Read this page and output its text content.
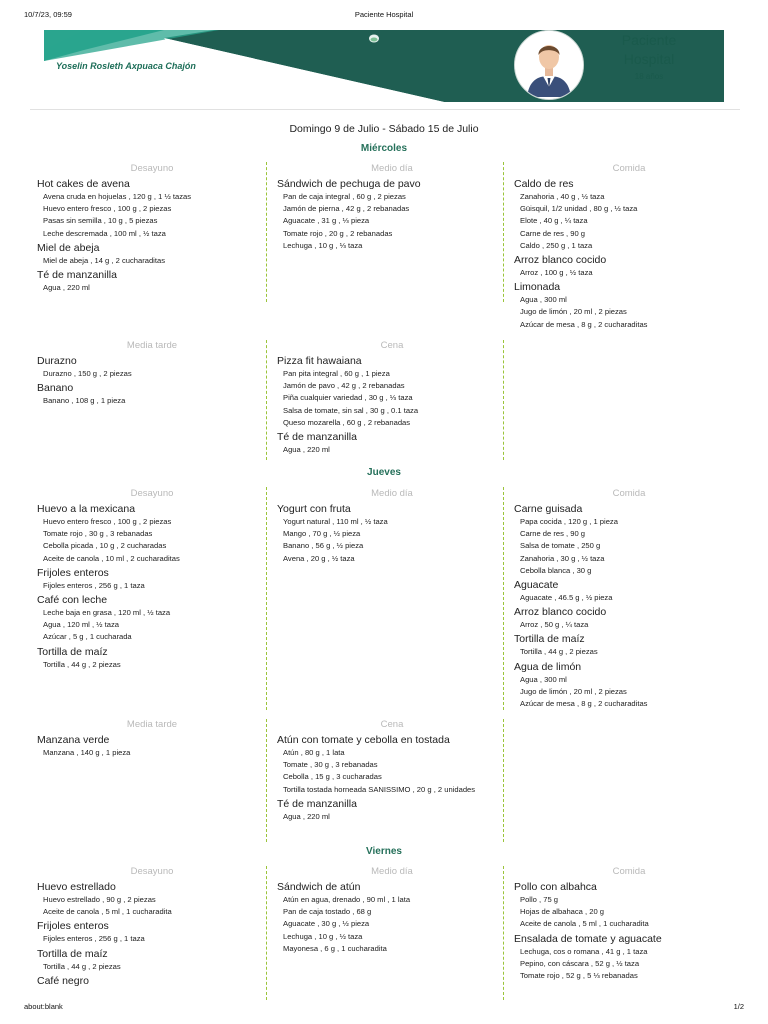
10/7/23, 09:59	Paciente Hospital
Yoselin Rosleth Axpuaca Chajón
Paciente Hospital
18 años
Domingo 9 de Julio - Sábado 15 de Julio
Miércoles
Desayuno
Hot cakes de avena
Avena cruda en hojuelas , 120 g , 1 ½ tazas
Huevo entero fresco , 100 g , 2 piezas
Pasas sin semilla , 10 g , 5 piezas
Leche descremada , 100 ml , ½ taza
Miel de abeja
Miel de abeja , 14 g , 2 cucharaditas
Té de manzanilla
Agua , 220 ml
Medio día
Sándwich de pechuga de pavo
Pan de caja integral , 60 g , 2 piezas
Jamón de pierna , 42 g , 2 rebanadas
Aguacate , 31 g , ⅓ pieza
Tomate rojo , 20 g , 2 rebanadas
Lechuga , 10 g , ⅓ taza
Comida
Caldo de res
Zanahoria , 40 g , ½ taza
Güisquil, 1/2 unidad , 80 g , ½ taza
Elote , 40 g , ¼ taza
Carne de res , 90 g
Caldo , 250 g , 1 taza
Arroz blanco cocido
Arroz , 100 g , ½ taza
Limonada
Agua , 300 ml
Jugo de limón , 20 ml , 2 piezas
Azúcar de mesa , 8 g , 2 cucharaditas
Media tarde
Durazno
Durazno , 150 g , 2 piezas
Banano
Banano , 108 g , 1 pieza
Cena
Pizza fit hawaiana
Pan pita integral , 60 g , 1 pieza
Jamón de pavo , 42 g , 2 rebanadas
Piña cualquier variedad , 30 g , ⅓ taza
Salsa de tomate, sin sal , 30 g , 0.1 taza
Queso mozarella , 60 g , 2 rebanadas
Té de manzanilla
Agua , 220 ml
Jueves
Desayuno
Huevo a la mexicana
Huevo entero fresco , 100 g , 2 piezas
Tomate rojo , 30 g , 3 rebanadas
Cebolla picada , 10 g , 2 cucharadas
Aceite de canola , 10 ml , 2 cucharaditas
Frijoles enteros
Fijoles enteros , 256 g , 1 taza
Café con leche
Leche baja en grasa , 120 ml , ½ taza
Agua , 120 ml , ½ taza
Azúcar , 5 g , 1 cucharada
Tortilla de maíz
Tortilla , 44 g , 2 piezas
Medio día
Yogurt con fruta
Yogurt natural , 110 ml , ½ taza
Mango , 70 g , ½ pieza
Banano , 56 g , ½ pieza
Avena , 20 g , ½ taza
Comida
Carne guisada
Papa cocida , 120 g , 1 pieza
Carne de res , 90 g
Salsa de tomate , 250 g
Zanahoria , 30 g , ½ taza
Cebolla blanca , 30 g
Aguacate
Aguacate , 46.5 g , ½ pieza
Arroz blanco cocido
Arroz , 50 g , ¼ taza
Tortilla de maíz
Tortilla , 44 g , 2 piezas
Agua de limón
Agua , 300 ml
Jugo de limón , 20 ml , 2 piezas
Azúcar de mesa , 8 g , 2 cucharaditas
Media tarde
Manzana verde
Manzana , 140 g , 1 pieza
Cena
Atún con tomate y cebolla en tostada
Atún , 80 g , 1 lata
Tomate , 30 g , 3 rebanadas
Cebolla , 15 g , 3 cucharadas
Tortilla tostada horneada SANISSIMO , 20 g , 2 unidades
Té de manzanilla
Agua , 220 ml
Viernes
Desayuno
Huevo estrellado
Huevo estrellado , 90 g , 2 piezas
Aceite de canola , 5 ml , 1 cucharadita
Frijoles enteros
Fijoles enteros , 256 g , 1 taza
Tortilla de maíz
Tortilla , 44 g , 2 piezas
Café negro
Medio día
Sándwich de atún
Atún en agua, drenado , 90 ml , 1 lata
Pan de caja tostado , 68 g
Aguacate , 30 g , ½ pieza
Lechuga , 10 g , ½ taza
Mayonesa , 6 g , 1 cucharadita
Comida
Pollo con albahca
Pollo , 75 g
Hojas de albahaca , 20 g
Aceite de canola , 5 ml , 1 cucharadita
Ensalada de tomate y aguacate
Lechuga, cos o romana , 41 g , 1 taza
Pepino, con cáscara , 52 g , ½ taza
Tomate rojo , 52 g , 5 ⅓ rebanadas
about:blank	1/2
